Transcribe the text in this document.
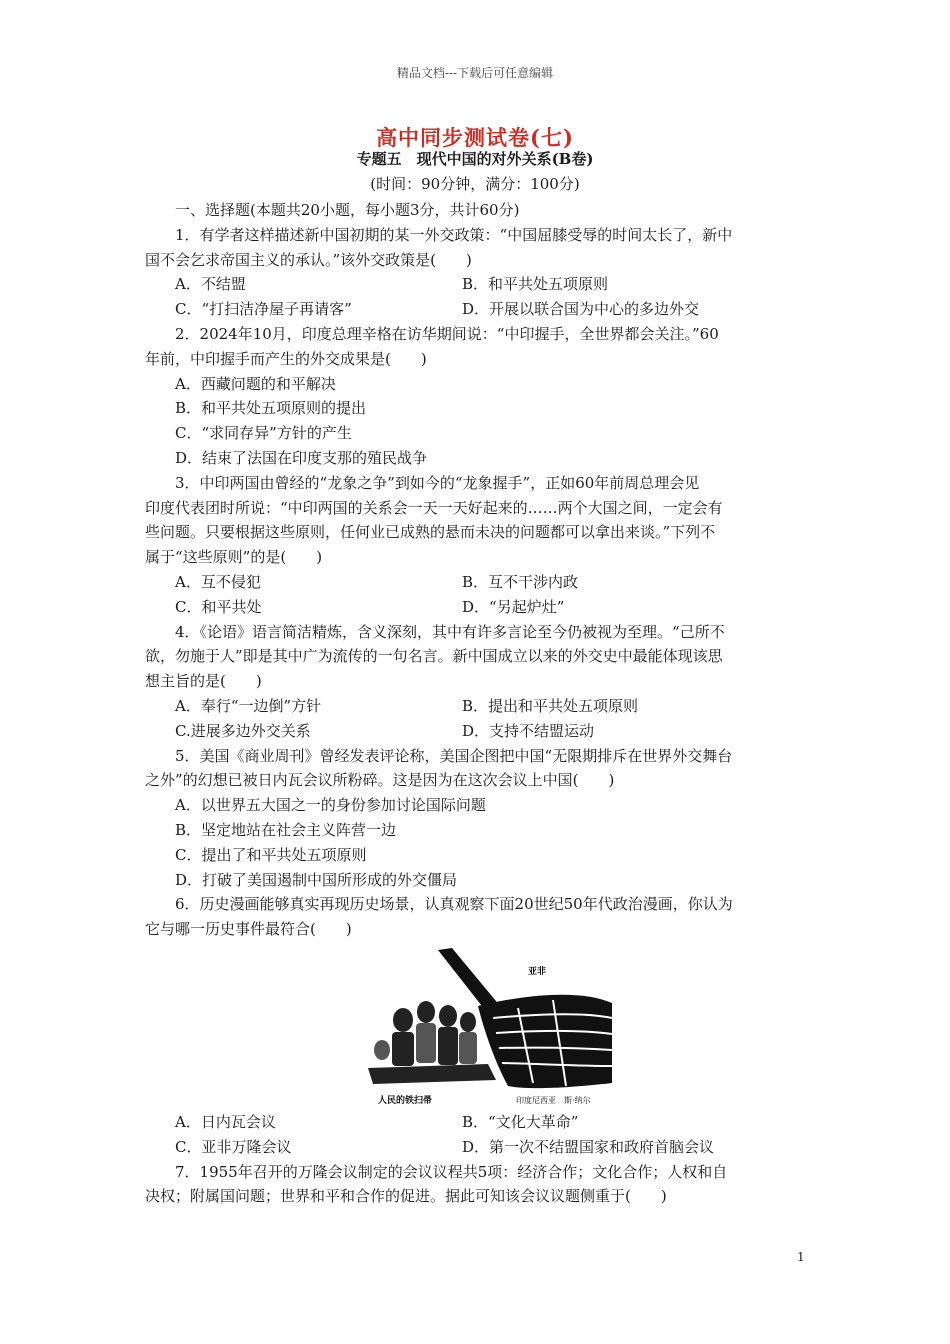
精品文档---下载后可任意编辑
高中同步测试卷(七)
专题五　现代中国的对外关系(B卷)
(时间：90分钟，满分：100分)
一、选择题(本题共20小题，每小题3分，共计60分)
1．有学者这样描述新中国初期的某一外交政策：“中国屈膝受辱的时间太长了，新中
国不会乞求帝国主义的承认。”该外交政策是(　　)
A．不结盟	B．和平共处五项原则
C．“打扫洁净屋子再请客”	D．开展以联合国为中心的多边外交
2．2024年10月，印度总理辛格在访华期间说：“中印握手，全世界都会关注。”60
年前，中印握手而产生的外交成果是(　　)
A．西藏问题的和平解决
B．和平共处五项原则的提出
C．“求同存异”方针的产生
D．结束了法国在印度支那的殖民战争
3．中印两国由曾经的“龙象之争”到如今的“龙象握手”，正如60年前周总理会见
印度代表团时所说：“中印两国的关系会一天一天好起来的……两个大国之间，一定会有
些问题。只要根据这些原则，任何业已成熟的悬而未决的问题都可以拿出来谈。”下列不
属于“这些原则”的是(　　)
A．互不侵犯	B．互不干涉内政
C．和平共处	D．“另起炉灶”
4．《论语》语言简洁精炼，含义深刻，其中有许多言论至今仍被视为至理。“己所不
欲，勿施于人”即是其中广为流传的一句名言。新中国成立以来的外交史中最能体现该思
想主旨的是(　　)
A．奉行“一边倒”方针	B．提出和平共处五项原则
C.进展多边外交关系	D．支持不结盟运动
5．美国《商业周刊》曾经发表评论称，美国企图把中国“无限期排斥在世界外交舞台
之外”的幻想已被日内瓦会议所粉碎。这是因为在这次会议上中国(　　)
A．以世界五大国之一的身份参加讨论国际问题
B．坚定地站在社会主义阵营一边
C．提出了和平共处五项原则
D．打破了美国遏制中国所形成的外交僵局
6．历史漫画能够真实再现历史场景，认真观察下面20世纪50年代政治漫画，你认为
它与哪一历史事件最符合(　　)
亚非
人民的铁扫帚	印度尼西亚　斯·纳尔
A．日内瓦会议	B．“文化大革命”
C．亚非万隆会议	D．第一次不结盟国家和政府首脑会议
7．1955年召开的万隆会议制定的会议议程共5项：经济合作；文化合作；人权和自
决权；附属国问题；世界和平和合作的促进。据此可知该会议议题侧重于(　　)
1
